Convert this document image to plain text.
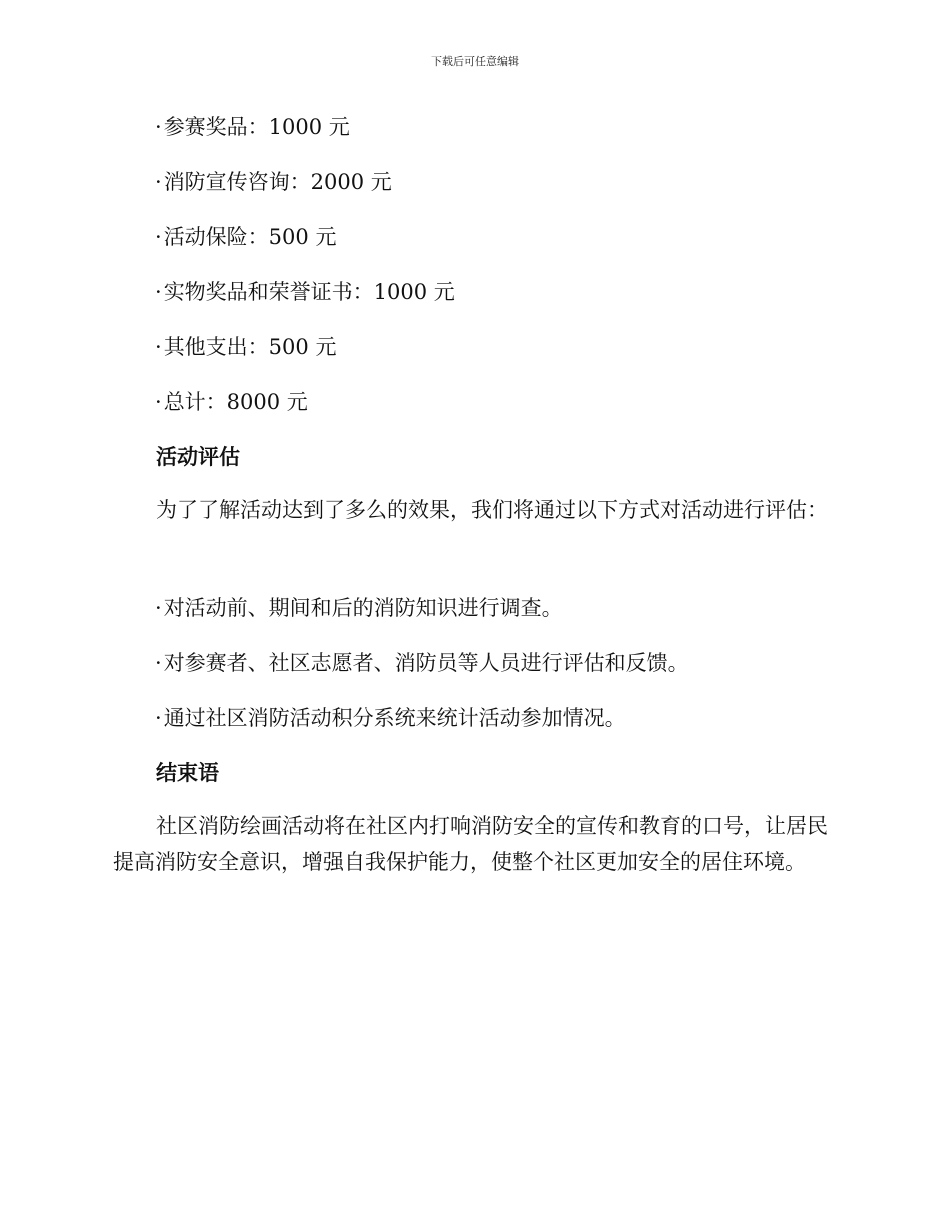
下载后可任意编辑
·参赛奖品：1000 元
·消防宣传咨询：2000 元
·活动保险：500 元
·实物奖品和荣誉证书：1000 元
·其他支出：500 元
·总计：8000 元
活动评估

为了了解活动达到了多么的效果，我们将通过以下方式对活动进行评估：

·对活动前、期间和后的消防知识进行调查。
·对参赛者、社区志愿者、消防员等人员进行评估和反馈。
·通过社区消防活动积分系统来统计活动参加情况。
结束语

社区消防绘画活动将在社区内打响消防安全的宣传和教育的口号，让居民提高消防安全意识，增强自我保护能力，使整个社区更加安全的居住环境。
